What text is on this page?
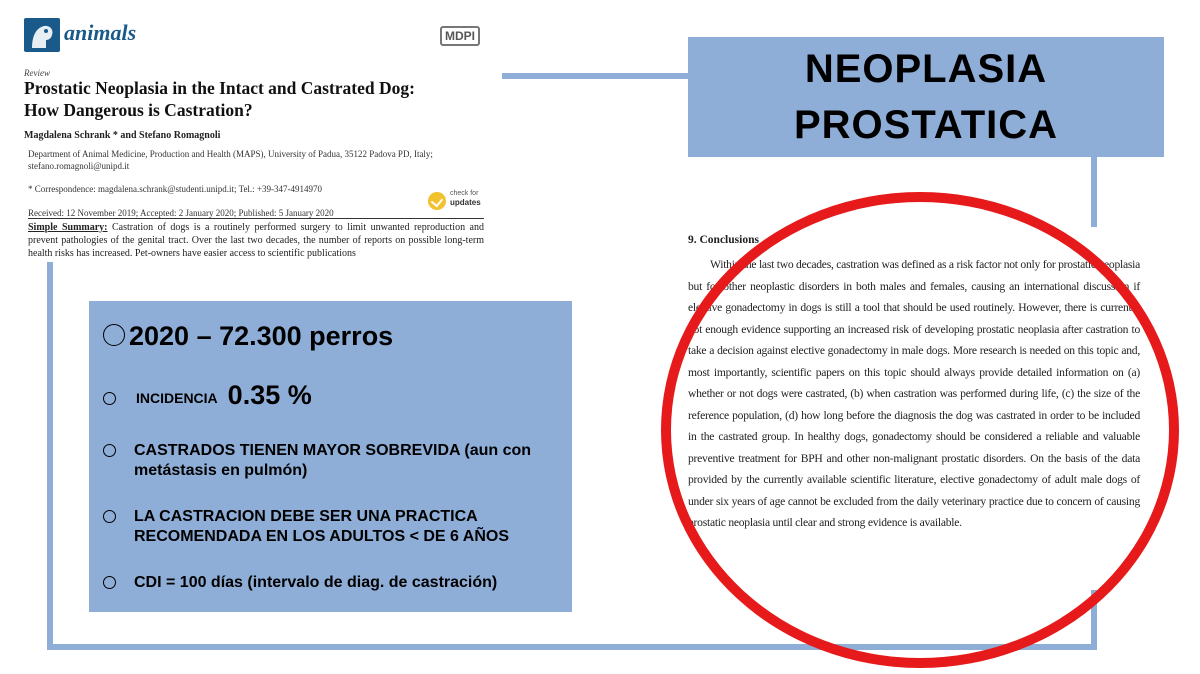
animals	MDPI
Review
Prostatic Neoplasia in the Intact and Castrated Dog:
How Dangerous is Castration?
Magdalena Schrank * and Stefano Romagnoli
Department of Animal Medicine, Production and Health (MAPS), University of Padua, 35122 Padova PD, Italy; stefano.romagnoli@unipd.it
* Correspondence: magdalena.schrank@studenti.unipd.it; Tel.: +39-347-4914970
Received: 12 November 2019; Accepted: 2 January 2020; Published: 5 January 2020
check for
updates
Simple Summary: Castration of dogs is a routinely performed surgery to limit unwanted reproduction and prevent pathologies of the genital tract. Over the last two decades, the number of reports on possible long-term health risks has increased. Pet-owners have easier access to scientific publications
NEOPLASIA
PROSTATICA
2020 – 72.300 perros
INCIDENCIA 0.35 %
CASTRADOS TIENEN MAYOR SOBREVIDA (aun con metástasis en pulmón)
LA CASTRACION DEBE SER UNA PRACTICA RECOMENDADA EN LOS ADULTOS < DE 6 AÑOS
CDI = 100 días (intervalo de diag. de castración)
9. Conclusions
Within the last two decades, castration was defined as a risk factor not only for prostatic neoplasia but for other neoplastic disorders in both males and females, causing an international discussion if elective gonadectomy in dogs is still a tool that should be used routinely. However, there is currently not enough evidence supporting an increased risk of developing prostatic neoplasia after castration to take a decision against elective gonadectomy in male dogs. More research is needed on this topic and, most importantly, scientific papers on this topic should always provide detailed information on (a) whether or not dogs were castrated, (b) when castration was performed during life, (c) the size of the reference population, (d) how long before the diagnosis the dog was castrated in order to be included in the castrated group. In healthy dogs, gonadectomy should be considered a reliable and valuable preventive treatment for BPH and other non-malignant prostatic disorders. On the basis of the data provided by the currently available scientific literature, elective gonadectomy of adult male dogs of under six years of age cannot be excluded from the daily veterinary practice due to concern of causing prostatic neoplasia until clear and strong evidence is available.
